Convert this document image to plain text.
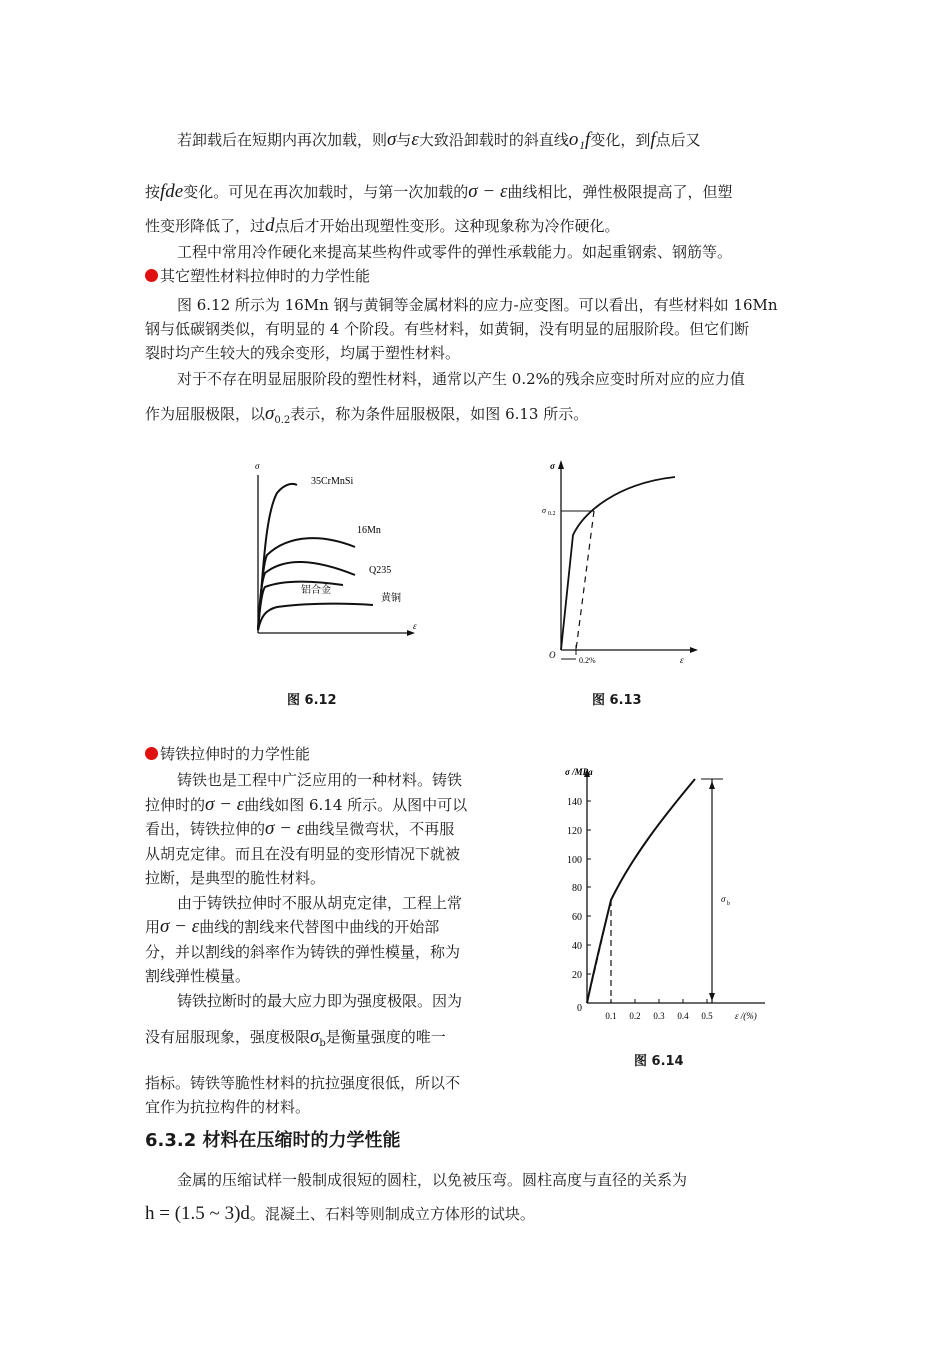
若卸载后在短期内再次加载，则σ与ε大致沿卸载时的斜直线o₁f变化，到f点后又
按fde变化。可见在再次加载时，与第一次加载的σ − ε曲线相比，弹性极限提高了，但塑
性变形降低了，过d点后才开始出现塑性变形。这种现象称为冷作硬化。
工程中常用冷作硬化来提高某些构件或零件的弹性承载能力。如起重钢索、钢筋等。
其它塑性材料拉伸时的力学性能
图 6.12 所示为 16Mn 钢与黄铜等金属材料的应力-应变图。可以看出，有些材料如 16Mn
钢与低碳钢类似，有明显的 4 个阶段。有些材料，如黄铜，没有明显的屈服阶段。但它们断
裂时均产生较大的残余变形，均属于塑性材料。
对于不存在明显屈服阶段的塑性材料，通常以产生 0.2%的残余应变时所对应的应力值
作为屈服极限，以$\sigma_{0.2}$表示，称为条件屈服极限，如图 6.13 所示。
σ
ε
35CrMnSi
16Mn
Q235
铝合金
黄铜
图 6.12
σ
σ 0.2
O
0.2%	ε
图 6.13
铸铁拉伸时的力学性能
铸铁也是工程中广泛应用的一种材料。铸铁
拉伸时的σ − ε曲线如图 6.14 所示。从图中可以
看出，铸铁拉伸的σ − ε曲线呈微弯状，不再服
从胡克定律。而且在没有明显的变形情况下就被
拉断，是典型的脆性材料。
由于铸铁拉伸时不服从胡克定律，工程上常
用σ − ε曲线的割线来代替图中曲线的开始部
分，并以割线的斜率作为铸铁的弹性模量，称为
割线弹性模量。
铸铁拉断时的最大应力即为强度极限。因为
没有屈服现象，强度极限$\sigma_b$是衡量强度的唯一
指标。铸铁等脆性材料的抗拉强度很低，所以不
宜作为抗拉构件的材料。
σ /MPa
140
120
100
80
60
40
20
0
0.1 0.2 0.3 0.4 0.5 ε /(%)
σ b
图 6.14
6.3.2 材料在压缩时的力学性能
金属的压缩试样一般制成很短的圆柱，以免被压弯。圆柱高度与直径的关系为
h = (1.5 ~ 3)d。混凝土、石料等则制成立方体形的试块。
